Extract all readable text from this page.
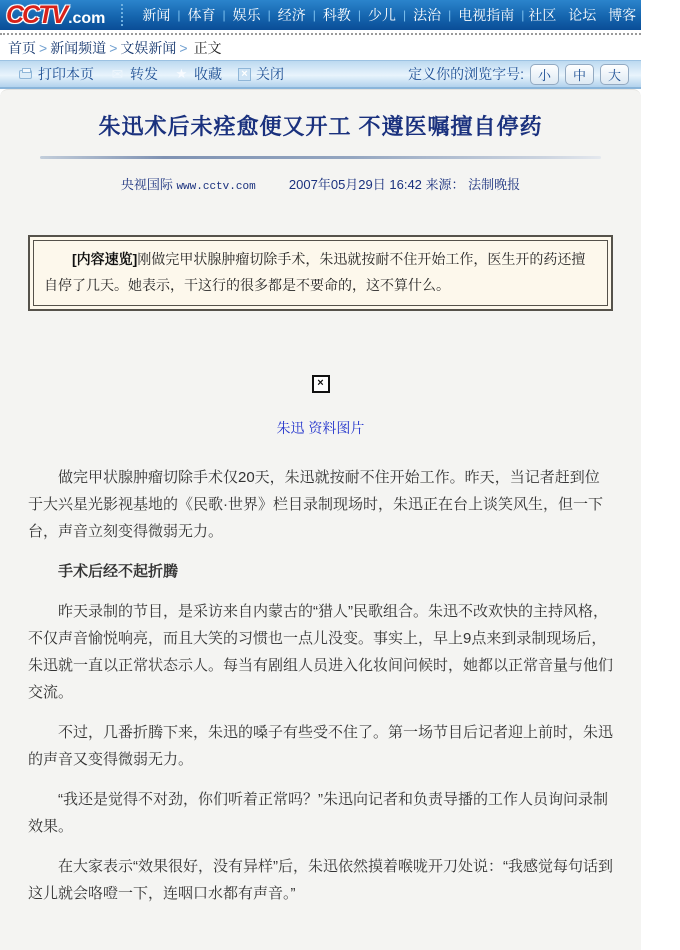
CCTV .com	新闻 | 体育 | 娱乐 | 经济 | 科教 | 少儿 | 法治 | 电视指南 | 社区 论坛 博客 播客
首页 > 新闻频道 > 文娱新闻 > 正文
打印本页 ✉ 转发 ★ 收藏 × 关闭	定义你的浏览字号:	小	中	大
朱迅术后未痊愈便又开工 不遵医嘱擅自停药
央视国际 www.cctv.com	2007年05月29日 16:42 来源： 法制晚报
[内容速览]刚做完甲状腺肿瘤切除手术，朱迅就按耐不住开始工作，医生开的药还擅自停了几天。她表示，干这行的很多都是不要命的，这不算什么。
×
朱迅 资料图片

做完甲状腺肿瘤切除手术仅20天，朱迅就按耐不住开始工作。昨天，当记者赶到位于大兴星光影视基地的《民歌·世界》栏目录制现场时，朱迅正在台上谈笑风生，但一下台，声音立刻变得微弱无力。

手术后经不起折腾

昨天录制的节目，是采访来自内蒙古的“猎人”民歌组合。朱迅不改欢快的主持风格，不仅声音愉悦响亮，而且大笑的习惯也一点儿没变。事实上，早上9点来到录制现场后，朱迅就一直以正常状态示人。每当有剧组人员进入化妆间问候时，她都以正常音量与他们交流。

不过，几番折腾下来，朱迅的嗓子有些受不住了。第一场节目后记者迎上前时，朱迅的声音又变得微弱无力。

“我还是觉得不对劲，你们听着正常吗？”朱迅向记者和负责导播的工作人员询问录制效果。

在大家表示“效果很好，没有异样”后，朱迅依然摸着喉咙开刀处说：“我感觉每句话到这儿就会咯噔一下，连咽口水都有声音。”
